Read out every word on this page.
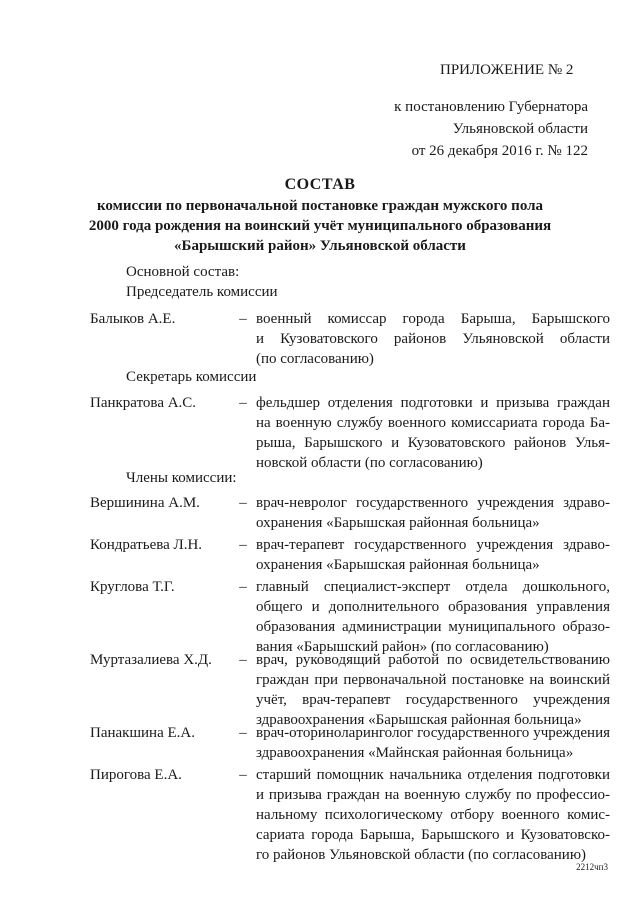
ПРИЛОЖЕНИЕ № 2
к постановлению Губернатора
Ульяновской области
от 26 декабря 2016 г. № 122
СОСТАВ
комиссии по первоначальной постановке граждан мужского пола
2000 года рождения на воинский учёт муниципального образования
«Барышский район» Ульяновской области
Основной состав:
Председатель комиссии
Балыков А.Е.	– военный комиссар города Барыша, Барышского
и Кузоватовского районов Ульяновской области
(по согласованию)
Секретарь комиссии
Панкратова А.С.	– фельдшер отделения подготовки и призыва граждан
на военную службу военного комиссариата города Ба-
рыша, Барышского и Кузоватовского районов Улья-
новской области (по согласованию)
Члены комиссии:
Вершинина А.М.	– врач-невролог государственного учреждения здраво-
охранения «Барышская районная больница»
Кондратьева Л.Н.	– врач-терапевт государственного учреждения здраво-
охранения «Барышская районная больница»
Круглова Т.Г.	– главный специалист-эксперт отдела дошкольного,
общего и дополнительного образования управления
образования администрации муниципального образо-
вания «Барышский район» (по согласованию)
Муртазалиева Х.Д.	– врач, руководящий работой по освидетельствованию
граждан при первоначальной постановке на воинский
учёт, врач-терапевт государственного учреждения
здравоохранения «Барышская районная больница»
Панакшина Е.А.	– врач-оториноларинголог государственного учреждения
здравоохранения «Майнская районная больница»
Пирогова Е.А.	– старший помощник начальника отделения подготовки
и призыва граждан на военную службу по профессио-
нальному психологическому отбору военного комис-
сариата города Барыша, Барышского и Кузоватовско-
го районов Ульяновской области (по согласованию)
2212чп3
